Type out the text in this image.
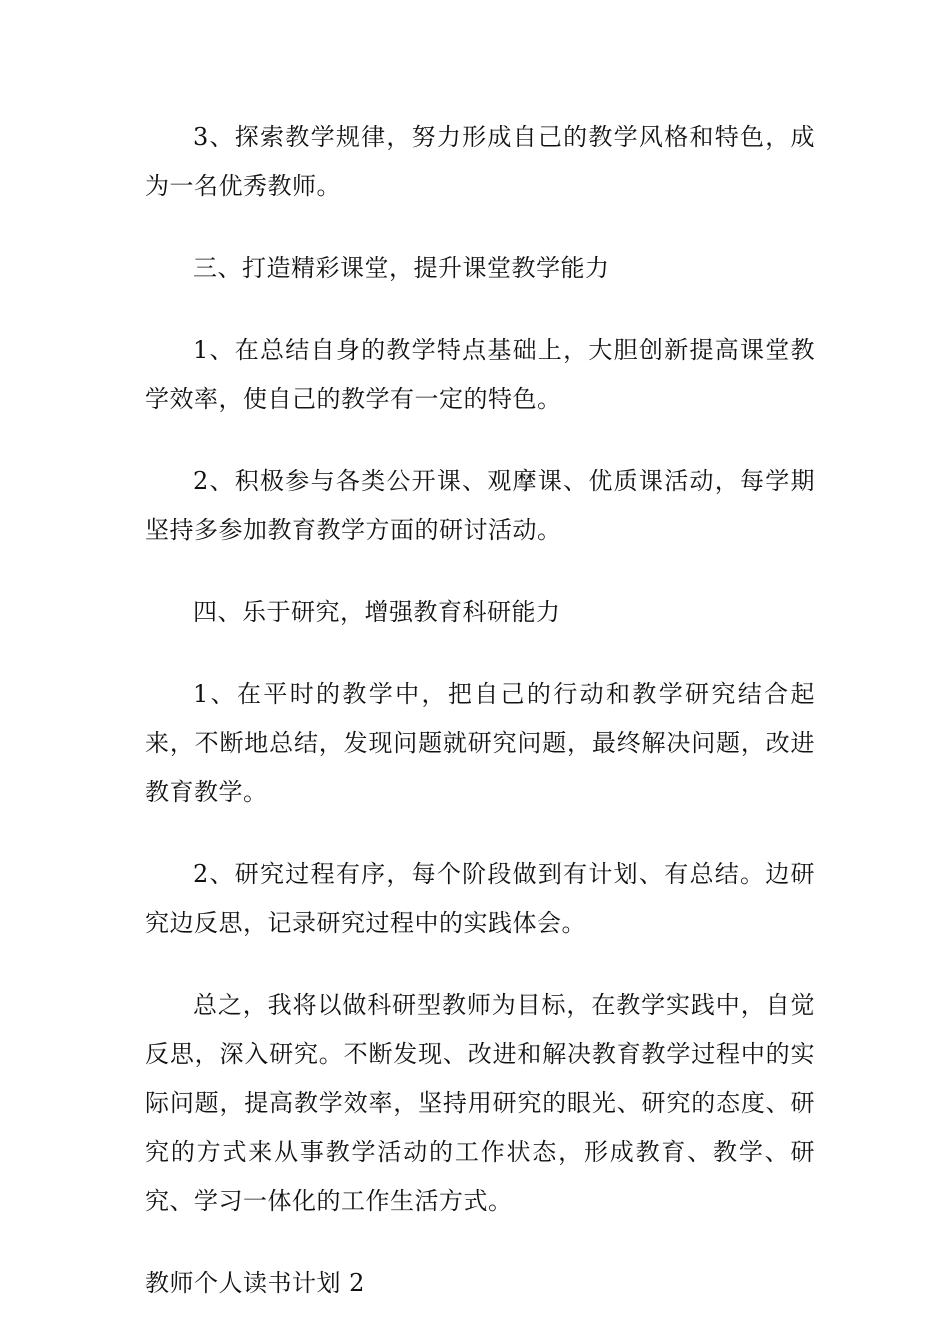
3、探索教学规律，努力形成自己的教学风格和特色，成为一名优秀教师。

三、打造精彩课堂，提升课堂教学能力

1、在总结自身的教学特点基础上，大胆创新提高课堂教学效率，使自己的教学有一定的特色。

2、积极参与各类公开课、观摩课、优质课活动，每学期坚持多参加教育教学方面的研讨活动。

四、乐于研究，增强教育科研能力

1、在平时的教学中，把自己的行动和教学研究结合起来，不断地总结，发现问题就研究问题，最终解决问题，改进教育教学。

2、研究过程有序，每个阶段做到有计划、有总结。边研究边反思，记录研究过程中的实践体会。

总之，我将以做科研型教师为目标，在教学实践中，自觉反思，深入研究。不断发现、改进和解决教育教学过程中的实际问题，提高教学效率，坚持用研究的眼光、研究的态度、研究的方式来从事教学活动的工作状态，形成教育、教学、研究、学习一体化的工作生活方式。

教师个人读书计划 2
